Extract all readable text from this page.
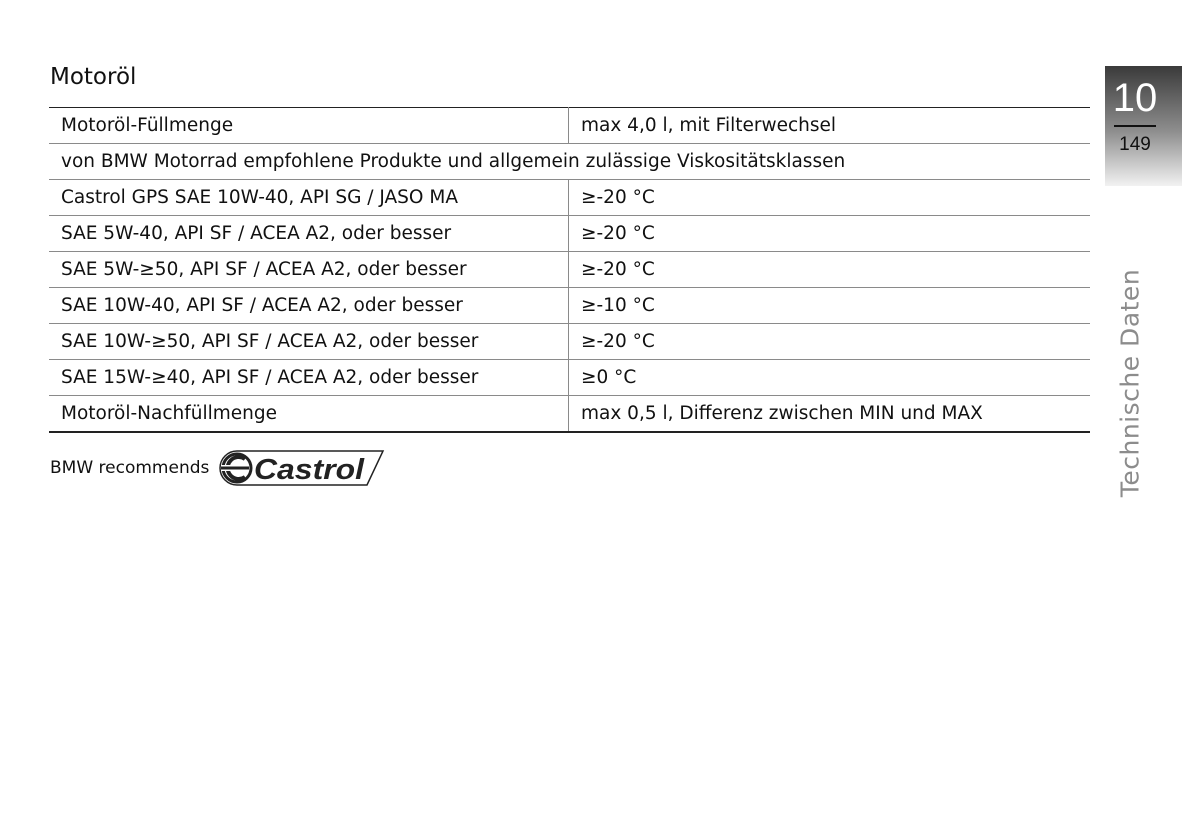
Motoröl
Motoröl-Füllmenge	max 4,0 l, mit Filterwechsel
von BMW Motorrad empfohlene Produkte und allgemein zulässige Viskositätsklassen	
Castrol GPS SAE 10W-40, API SG / JASO MA	≥-20 °C
SAE 5W-40, API SF / ACEA A2, oder besser	≥-20 °C
SAE 5W-≥50, API SF / ACEA A2, oder besser	≥-20 °C
SAE 10W-40, API SF / ACEA A2, oder besser	≥-10 °C
SAE 10W-≥50, API SF / ACEA A2, oder besser	≥-20 °C
SAE 15W-≥40, API SF / ACEA A2, oder besser	≥0 °C
Motoröl-Nachfüllmenge	max 0,5 l, Differenz zwischen MIN und MAX
BMW recommends Castrol
10
149
Technische Daten
